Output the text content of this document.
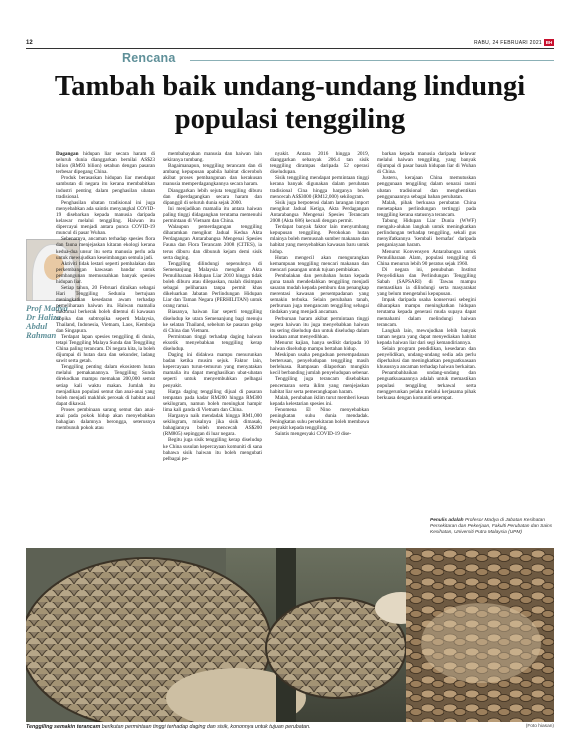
12	RABU, 24 FEBRUARI 2021 BH
Rencana
Tambah baik undang-undang lindungi populasi tenggiling
Prof Madya
Dr Haliza
Abdul
Rahman

Dagangan hidupan liar secara haram di seluruh dunia dianggarkan bernilai AS$23 bilion (RM93 bilion) setahun dengan pasaran terbesar dipegang China.

Produk berasaskan hidupan liar mendapat sambutan di negara itu kerana membabitkan industri penting dalam penghasilan ubatan tradisional.

Penghasilan ubatan tradisional ini juga menyebabkan ada saintis menyangkal COVID-19 disebarkan kepada manusia daripada kelawar melalui tenggiling. Haiwan itu dipercayai menjadi antara punca COVID-19 muncul di pasar Wuhan.

Sebenarnya, ancaman terhadap spesies flora dan fauna menjejaskan kitaran ekologi kerana kedua-dua unsur itu serta manusia perlu ada untuk mewujudkan keseimbangan semula jadi.

Aktiviti tidak lestari seperti pembalakan dan perkembangan kawasan bandar untuk pembangunan memusnahkan banyak spesies hidupan liar.

Setiap tahun, 20 Februari diraikan sebagai Hari Tenggiling Sedunia bertujuan meningkatkan kesedaran awam terhadap pemeliharaan haiwan itu. Haiwan mamalia nokturnal berkerak boleh ditemui di kawasan tropika dan subtropika seperti Malaysia, Thailand, Indonesia, Vietnam, Laos, Kemboja dan Singapura.

Terdapat lapan spesies tenggiling di dunia, tetapi Tenggiling Malaya Sunda dan Tenggiling China paling terancam. Di negara kita, ia boleh dijumpai di hutan dara dan sekunder, ladang sawit serta getah.

Tenggiling penting dalam ekosistem hutan melalui pemakanannya. Tenggiling Sunda direkodkan mampu memakan 200,000 semut setiap kali waktu makan. Jumlah itu menjadikan populasi semut dan anai-anai yang boleh menjadi makhluk perosak di habitat asal dapat dikawal.

Proses pembinaan sarang semut dan anai-anai pada pokok hidup akan menyebabkan bahagian dalamnya berongga, seterusnya membunuh pokok atau

membahayakan manusia dan haiwan lain sekiranya tumbang.

Bagaimanapun, tenggiling terancam dan di ambang kepupusan apabila habitat diceroboh akibat proses pembangunan dan kerakusan manusia memperdagangkannya secara haram.

Dianggarkan lebih sejuta tenggiling diburu dan diperdagangkan secara haram dan dipanggil di seluruh dunia sejak 2000.

Ini menjadikan mamalia itu antara haiwan paling tinggi didagangkan terutama memenuhi permintaan di Vietnam dan China.

Walaupun pemerdagangan tenggiling diharamkan mengikut Jadual Kedua Akta Perdagangan Antarabangsa Mengenai Spesies Fauna dan Flora Terancam 2008 (CITES), ia terus diburu dan dibunuh kejam demi sisik serta daging.

Tenggiling dilindungi sepenuhnya di Semenanjung Malaysia mengikut Akta Pemuliharaan Hidupan Liar 2010 hingga tidak boleh diburu atau dilepaskan, malah disimpan sebagai peliharaan tanpa permit khas dikeluarkan Jabatan Perlindungan Hidupan Liar dan Taman Negara (PERHILITAN) untuk orang ramai.

Biasanya, haiwan liar seperti tenggiling diseludup ke utara Semenanjung bagi menuju ke selatan Thailand, sebelum ke pasaran gelap di China dan Vietnam.

Permintaan tinggi terhadap daging haiwan eksotik menyebabkan tenggiling kerap diseludup.

Daging ini didakwa mampu menurunkan badan ketika musim sejuk. Faktor lain, kepercayaan turun-temurun yang menyatakan mamalia itu dapat menghasilkan ubat-ubatan seperti untuk menyembuhkan pelbagai penyakit.

Harga daging tenggiling dijual di pasaran tempatan pada kadar RM200 hingga RM300 sekilogram, namun boleh meningkat hampir lima kali ganda di Vietnam dan China.

Harganya naik mendadak hingga RM1,000 sekilogram, misalnya jika sisik dimasak, bahagiannya boleh mencecah AS$200 (RM805) sepinggan di luar negara.

Begitu juga sisik tenggiling kerap diseludup ke China susulan kepercayaan komuniti di sana bahawa sisik haiwan itu boleh mengubati pelbagai pe-

nyakit. Antara 2016 hingga 2019, dianggarkan sebanyak 206.4 tan sisik tenggiling dirampas daripada 52 operasi diseludupan.

Sisik tenggiling mendapat permintaan tinggi kerana banyak digunakan dalam perubatan tradisional Cina hingga harganya boleh mencecah AS$3000 (RM12,000) sekilogram.

Sisik juga berpotensi dalam larangan import mengikut Jadual Ketiga, Akta Perdagangan Antarabangsa Mengenai Spesies Terancam 2008 (Akta 686) kecuali dengan permit.

Terdapat banyak faktor lain menyumbang kepupusan tenggiling. Perokokan hutan mlainya boleh memusnah sumber makanan dan habitat yang menyebabkan kawasan baru untuk hidup.

Hutan mengecil akan mengurangkan kemampuan tenggiling mencari makanan dan mencari pasangan untuk tujuan pembiakan.

Pembalakan dan perubahan hutan kepada guna tanah mendedahkan tenggiling menjadi sasaran mudah kepada pemburu dan penangkap merentasi kawasan persempadanan yang semakin terbuka. Selain perubahan tanah, perburuan juga mengancam tenggiling sebagai tindakan yang menjadi ancaman.

Perburuan haram akibat permintaan tinggi segera haiwan itu juga menyebabkan haiwan itu sering diseludup dan untuk diseludup dalam keadaan amat menyedihkan.

Menurut kajian, hanya sedikit daripada 10 haiwan diseludup mampu bertahan hidup.

Meskipun usaha pengaduan persempadanan berterusan, penyeludupan tenggiling masih berleluasa. Rampasan dilaporkan mungkin kecil berbanding jumlah penyeludupan sebenar.

Tenggiling juga terancam disebabkan pencemaran serta iklim yang menjejaskan habitat liar serta pemerangkapan haram.

Malah, perubahan iklim turut memberi kesan kepada kelestarian spesies ini.

Fenomena El Nino menyebabkan peningkatan suhu dunia mendadak. Peningkatan suhu persekitaran boleh membawa penyakit kepada tenggiling.

Saintis mengesyaki COVID-19 dise-

barkan kepada manusia daripada kelawar melalui haiwan tenggiling, yang banyak dijumpai di pasar basah hidupan liar di Wuhan di China.

Justeru, kerajaan China memutuskan penggunaan tenggiling dalam senarai rasmi ubatan tradisional dan menghentikan penggunaannya sebagai bahan perubatan.

Malah, pihak berkuasa perubatan China menetapkan perlindungan tertinggi pada tenggiling kerana statusnya terancam.

Tabung Hidupan Liar Dunia (WWF) mengalu-alukan langkah untuk meningkatkan perlindungan terhadap tenggiling, sekali gus menyifatkannya 'kembali bernafas' daripada penganiayaan haram.

Menurut Konvensyen Antarabangsa untuk Pemuliharaan Alam, populasi tenggiling di China menurun lebih 90 peratus sejak 1960.

Di negara ini, penubuhan Institut Penyelidikan dan Perlindungan Tenggiling Sabah (SAPSARI) di Tawau mampu memastikan ia dilindungi serta masyarakat yang belum mengetahui kepupusan.

Impak daripada usaha konservasi sebegini diharapkan mampu meningkatkan hidupan terutama kepada generasi muda supaya dapat memahami dalam melindungi haiwan terancam.

Langkah lain, mewujudkan lebih banyak taman negara yang dapat menyediakan habitat kepada haiwan liar dari segi kemandiriannya.

Selain program pendidikan, kesedaran dan penyelidikan, undang-undang sedia ada perlu diperhalusi dan meningkatkan penguatkuasaan khususnya ancaman terhadap haiwan berkaitan.

Penambahbaikan undang-undang dan penguatkuasaannya adalah untuk memastikan populasi tenggiling terkawal serta menggerunkan pelaku melalui kerjasama pihak berkuasa dengan komuniti setempat.

Penulis adalah Profesor Madya di Jabatan Kesihatan Persekitaran dan Pekerjaan, Fakulti Perubatan dan Sains Kesihatan, Universiti Putra Malaysia (UPM)
Tenggiling semakin terancam berikutan permintaan tinggi terhadap daging dan sisik, kononnya untuk tujuan perubatan.	(Foto hiasan)
